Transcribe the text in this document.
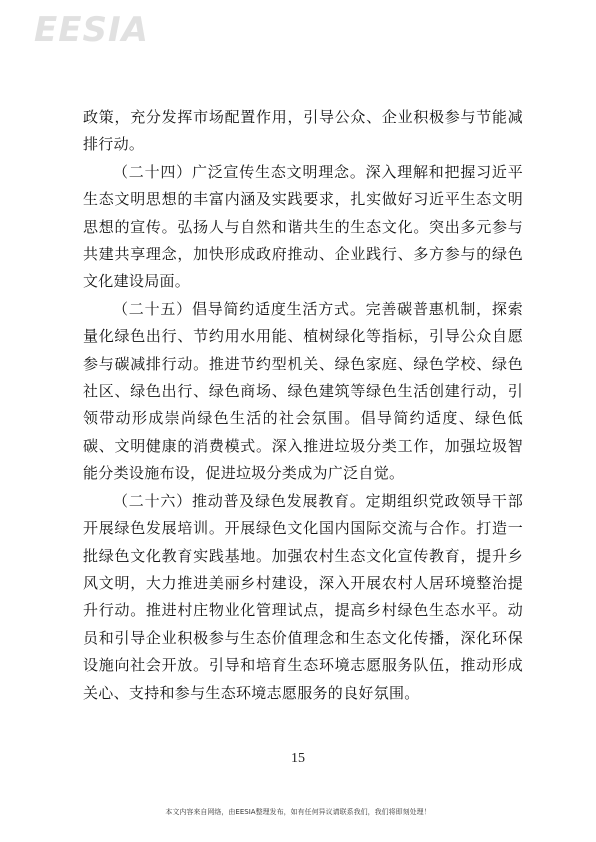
EESIA

政策，充分发挥市场配置作用，引导公众、企业积极参与节能减排行动。

（二十四）广泛宣传生态文明理念。深入理解和把握习近平生态文明思想的丰富内涵及实践要求，扎实做好习近平生态文明思想的宣传。弘扬人与自然和谐共生的生态文化。突出多元参与共建共享理念，加快形成政府推动、企业践行、多方参与的绿色文化建设局面。

（二十五）倡导简约适度生活方式。完善碳普惠机制，探索量化绿色出行、节约用水用能、植树绿化等指标，引导公众自愿参与碳减排行动。推进节约型机关、绿色家庭、绿色学校、绿色社区、绿色出行、绿色商场、绿色建筑等绿色生活创建行动，引领带动形成崇尚绿色生活的社会氛围。倡导简约适度、绿色低碳、文明健康的消费模式。深入推进垃圾分类工作，加强垃圾智能分类设施布设，促进垃圾分类成为广泛自觉。

（二十六）推动普及绿色发展教育。定期组织党政领导干部开展绿色发展培训。开展绿色文化国内国际交流与合作。打造一批绿色文化教育实践基地。加强农村生态文化宣传教育，提升乡风文明，大力推进美丽乡村建设，深入开展农村人居环境整治提升行动。推进村庄物业化管理试点，提高乡村绿色生态水平。动员和引导企业积极参与生态价值理念和生态文化传播，深化环保设施向社会开放。引导和培育生态环境志愿服务队伍，推动形成关心、支持和参与生态环境志愿服务的良好氛围。

15
本文内容来自网络，由EESIA整理发布，如有任何异议请联系我们，我们将即刻处理！
